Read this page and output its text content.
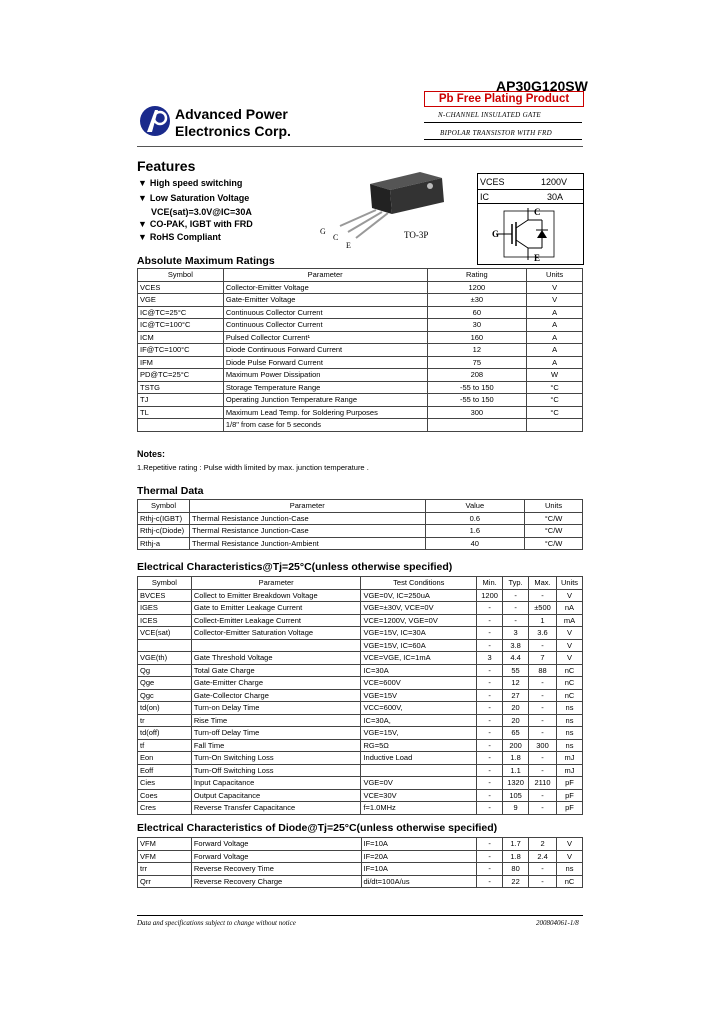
AP30G120SW
Pb Free Plating Product
Advanced Power
Electronics Corp.
N-CHANNEL INSULATED GATE
BIPOLAR TRANSISTOR WITH FRD
Features
▼ High speed switching
▼ Low Saturation Voltage
VCE(sat)=3.0V@IC=30A
▼ CO-PAK, IGBT with FRD
▼ RoHS Compliant
G
C
E
TO-3P
VCES	1200V
IC	30A
C
G
E
Absolute Maximum Ratings
Symbol	Parameter	Rating	Units
VCES	Collector-Emitter Voltage	1200	V
VGE	Gate-Emitter Voltage	±30	V
IC@TC=25°C	Continuous Collector Current	60	A
IC@TC=100°C	Continuous Collector Current	30	A
ICM	Pulsed Collector Current¹	160	A
IF@TC=100°C	Diode Continuous Forward Current	12	A
IFM	Diode Pulse Forward Current	75	A
PD@TC=25°C	Maximum Power Dissipation	208	W
TSTG	Storage Temperature Range	-55 to 150	°C
TJ	Operating Junction Temperature Range	-55 to 150	°C
TL	Maximum Lead Temp. for Soldering Purposes	300	°C
	1/8" from case for 5 seconds		
Notes:
1.Repetitive rating : Pulse width limited by max. junction temperature .
Thermal Data
Symbol	Parameter	Value	Units
Rthj-c(IGBT)	Thermal Resistance Junction-Case	0.6	°C/W
Rthj-c(Diode)	Thermal Resistance Junction-Case	1.6	°C/W
Rthj-a	Thermal Resistance Junction-Ambient	40	°C/W
Electrical Characteristics@Tj=25°C(unless otherwise specified)
Symbol	Parameter	Test Conditions	Min.	Typ.	Max.	Units
BVCES	Collect to Emitter Breakdown Voltage	VGE=0V, IC=250uA	1200	-	-	V
IGES	Gate to Emitter Leakage Current	VGE=±30V, VCE=0V	-	-	±500	nA
ICES	Collect-Emitter Leakage Current	VCE=1200V, VGE=0V	-	-	1	mA
VCE(sat)	Collector-Emitter Saturation Voltage	VGE=15V, IC=30A	-	3	3.6	V
		VGE=15V, IC=60A	-	3.8	-	V
VGE(th)	Gate Threshold Voltage	VCE=VGE, IC=1mA	3	4.4	7	V
Qg	Total Gate Charge	IC=30A	-	55	88	nC
Qge	Gate-Emitter Charge	VCE=600V	-	12	-	nC
Qgc	Gate-Collector Charge	VGE=15V	-	27	-	nC
td(on)	Turn-on Delay Time	VCC=600V,	-	20	-	ns
tr	Rise Time	IC=30A,	-	20	-	ns
td(off)	Turn-off Delay Time	VGE=15V,	-	65	-	ns
tf	Fall Time	RG=5Ω	-	200	300	ns
Eon	Turn-On Switching Loss	Inductive Load	-	1.8	-	mJ
Eoff	Turn-Off Switching Loss		-	1.1	-	mJ
Cies	Input Capacitance	VGE=0V	-	1320	2110	pF
Coes	Output Capacitance	VCE=30V	-	105	-	pF
Cres	Reverse Transfer Capacitance	f=1.0MHz	-	9	-	pF
Electrical Characteristics of Diode@Tj=25°C(unless otherwise specified)
VFM	Forward Voltage	IF=10A	-	1.7	2	V
VFM	Forward Voltage	IF=20A	-	1.8	2.4	V
trr	Reverse Recovery Time	IF=10A	-	80	-	ns
Qrr	Reverse Recovery Charge	di/dt=100A/us	-	22	-	nC
Data and specifications subject to change without notice	200804061-1/8
